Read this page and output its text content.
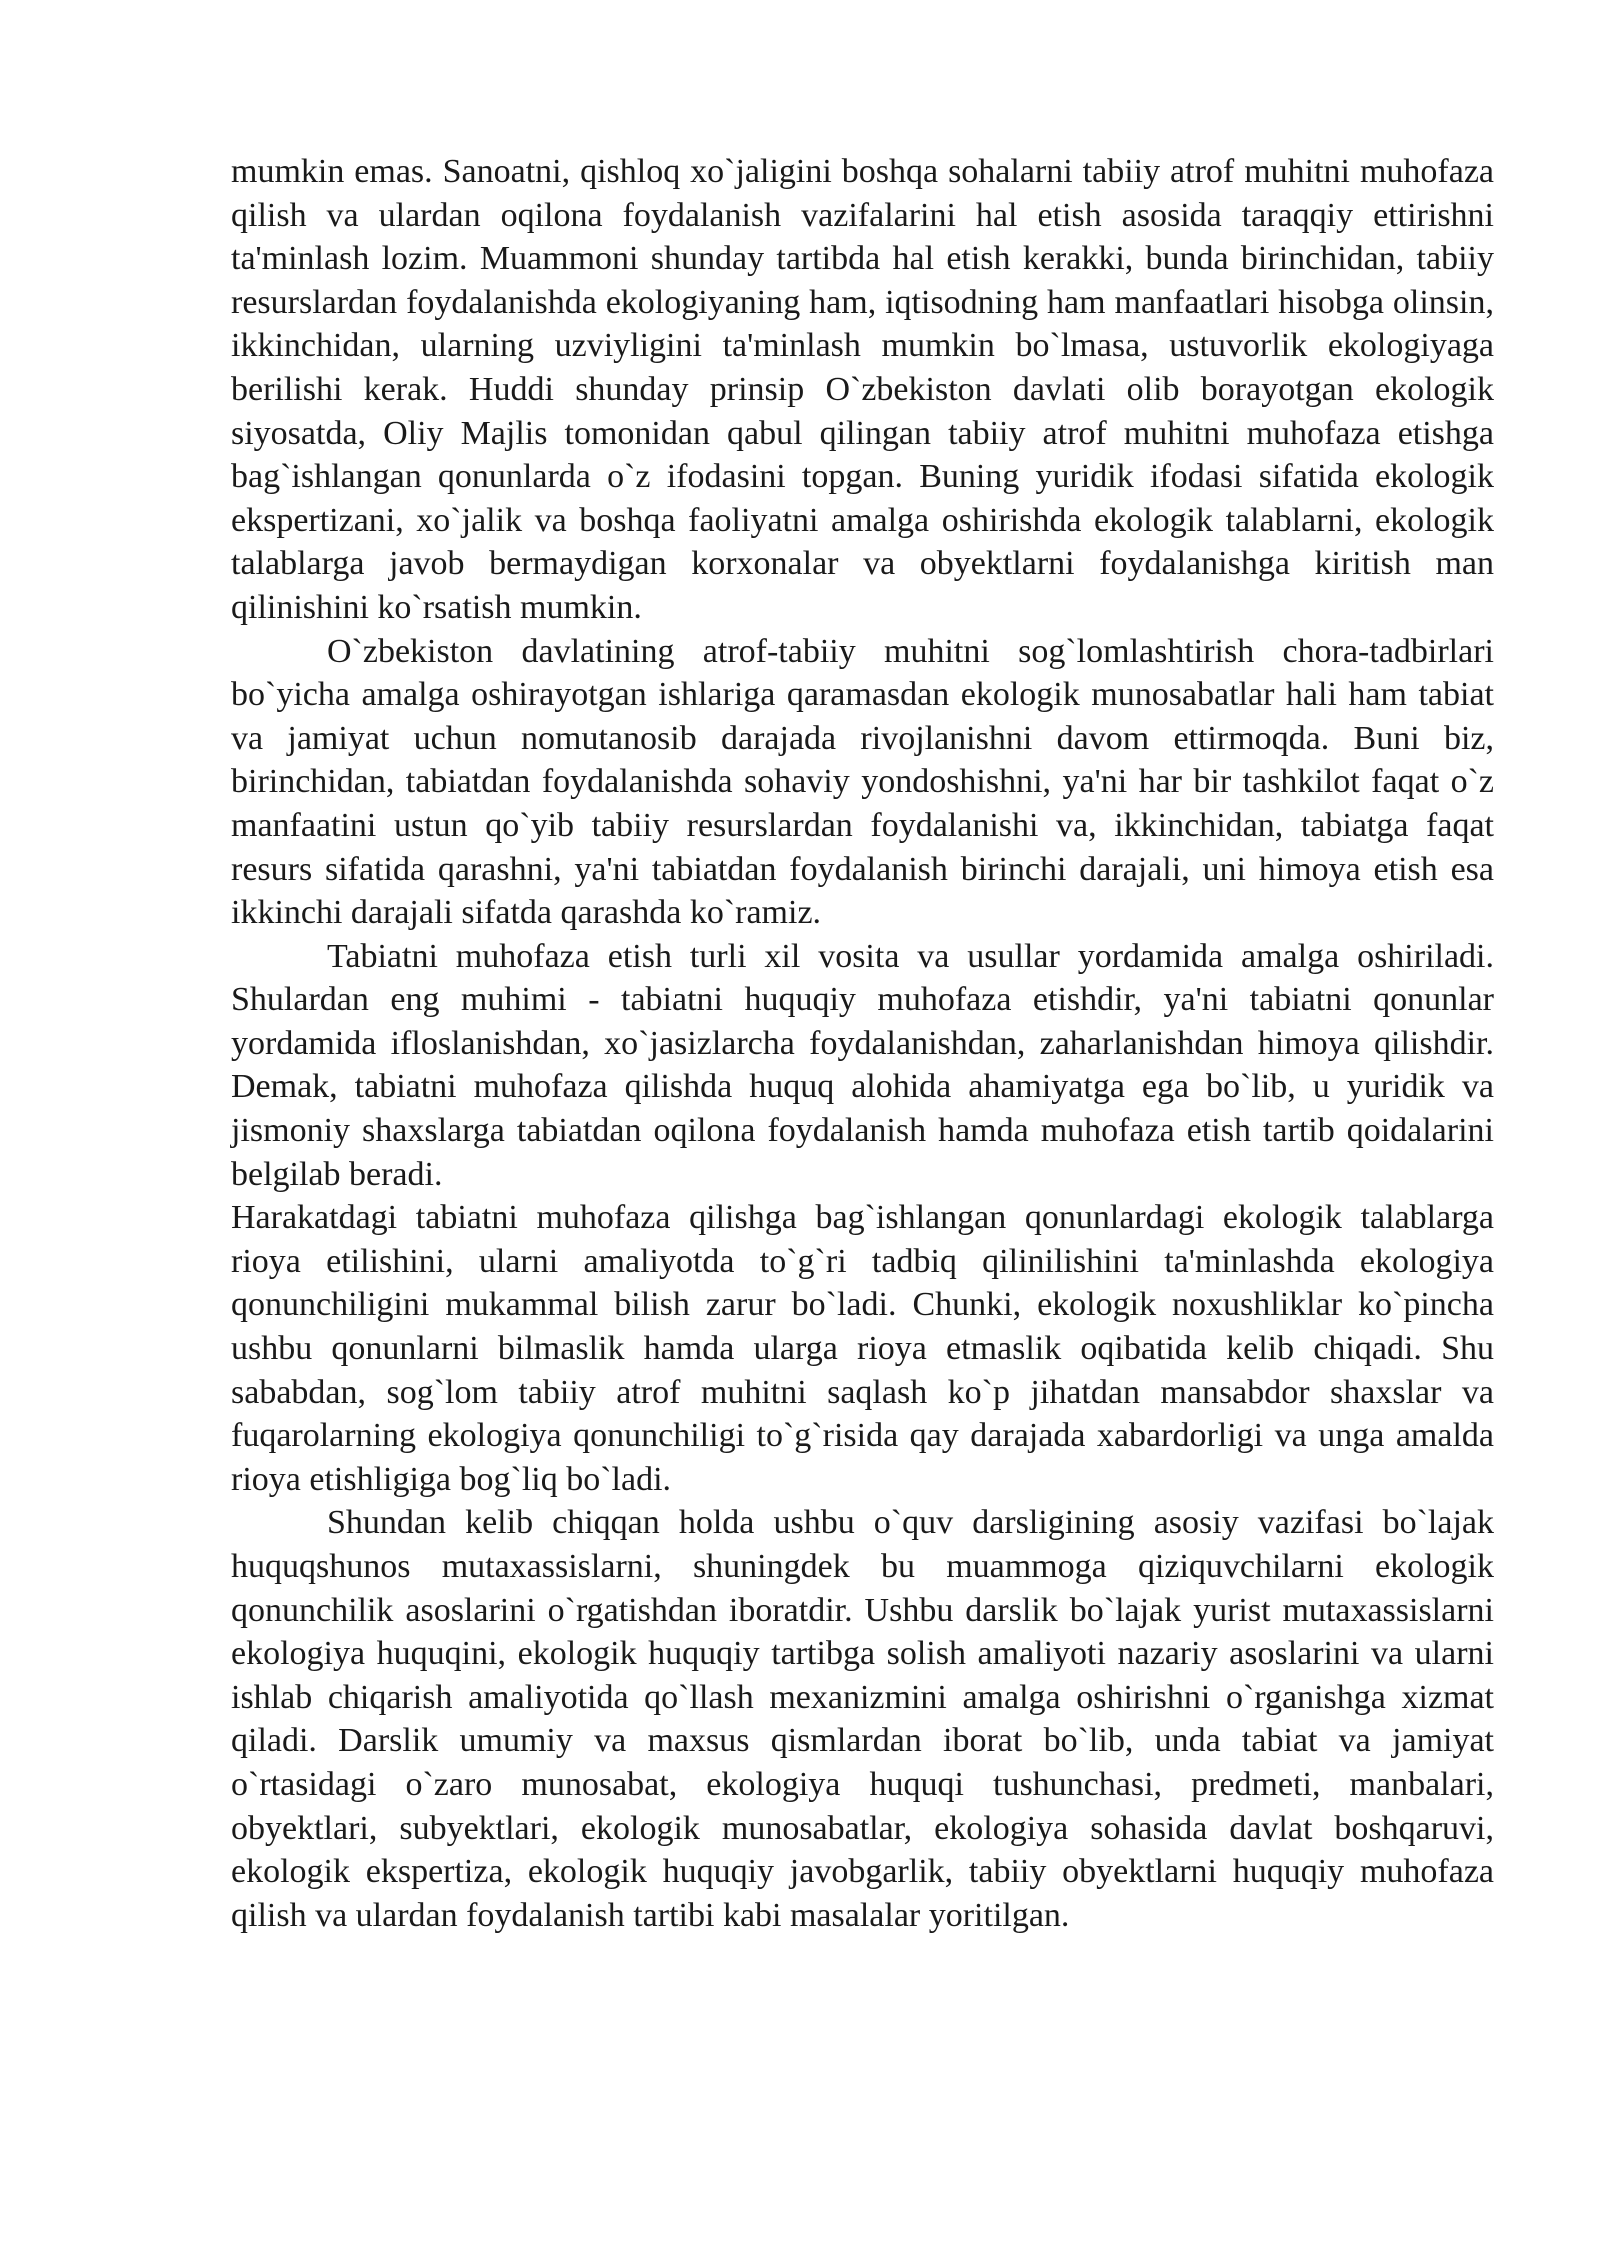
mumkin emas. Sanoatni, qishloq xo`jaligini boshqa sohalarni tabiiy atrof muhitni muhofaza qilish va ulardan oqilona foydalanish vazifalarini hal etish asosida taraqqiy ettirishni ta'minlash lozim. Muammoni shunday tartibda hal etish kerakki, bunda birinchidan, tabiiy resurslardan foydalanishda ekologiyaning ham, iqtisodning ham manfaatlari hisobga olinsin, ikkinchidan, ularning uzviyligini ta'minlash mumkin bo`lmasa, ustuvorlik ekologiyaga berilishi kerak. Huddi shunday prinsip O`zbekiston davlati olib borayotgan ekologik siyosatda, Oliy Majlis tomonidan qabul qilingan tabiiy atrof muhitni muhofaza etishga bag`ishlangan qonunlarda o`z ifodasini topgan. Buning yuridik ifodasi sifatida ekologik ekspertizani, xo`jalik va boshqa faoliyatni amalga oshirishda ekologik talablarni, ekologik talablarga javob bermaydigan korxonalar va obyektlarni foydalanishga kiritish man qilinishini ko`rsatish mumkin.

O`zbekiston davlatining atrof-tabiiy muhitni sog`lomlashtirish chora-tadbirlari bo`yicha amalga oshirayotgan ishlariga qaramasdan ekologik munosabatlar hali ham tabiat va jamiyat uchun nomutanosib darajada rivojlanishni davom ettirmoqda. Buni biz, birinchidan, tabiatdan foydalanishda sohaviy yondoshishni, ya'ni har bir tashkilot faqat o`z manfaatini ustun qo`yib tabiiy resurslardan foydalanishi va, ikkinchidan, tabiatga faqat resurs sifatida qarashni, ya'ni tabiatdan foydalanish birinchi darajali, uni himoya etish esa ikkinchi darajali sifatda qarashda ko`ramiz.

Tabiatni muhofaza etish turli xil vosita va usullar yordamida amalga oshiriladi. Shulardan eng muhimi - tabiatni huquqiy muhofaza etishdir, ya'ni tabiatni qonunlar yordamida ifloslanishdan, xo`jasizlarcha foydalanishdan, zaharlanishdan himoya qilishdir. Demak, tabiatni muhofaza qilishda huquq alohida ahamiyatga ega bo`lib, u yuridik va jismoniy shaxslarga tabiatdan oqilona foydalanish hamda muhofaza etish tartib qoidalarini belgilab beradi.

Harakatdagi tabiatni muhofaza qilishga bag`ishlangan qonunlardagi ekologik talablarga rioya etilishini, ularni amaliyotda to`g`ri tadbiq qilinilishini ta'minlashda ekologiya qonunchiligini mukammal bilish zarur bo`ladi. Chunki, ekologik noxushliklar ko`pincha ushbu qonunlarni bilmaslik hamda ularga rioya etmaslik oqibatida kelib chiqadi. Shu sababdan, sog`lom tabiiy atrof muhitni saqlash ko`p jihatdan mansabdor shaxslar va fuqarolarning ekologiya qonunchiligi to`g`risida qay darajada xabardorligi va unga amalda rioya etishligiga bog`liq bo`ladi.

Shundan kelib chiqqan holda ushbu o`quv darsligining asosiy vazifasi bo`lajak huquqshunos mutaxassislarni, shuningdek bu muammoga qiziquvchilarni ekologik qonunchilik asoslarini o`rgatishdan iboratdir. Ushbu darslik bo`lajak yurist mutaxassislarni ekologiya huquqini, ekologik huquqiy tartibga solish amaliyoti nazariy asoslarini va ularni ishlab chiqarish amaliyotida qo`llash mexanizmini amalga oshirishni o`rganishga xizmat qiladi. Darslik umumiy va maxsus qismlardan iborat bo`lib, unda tabiat va jamiyat o`rtasidagi o`zaro munosabat, ekologiya huquqi tushunchasi, predmeti, manbalari, obyektlari, subyektlari, ekologik munosabatlar, ekologiya sohasida davlat boshqaruvi, ekologik ekspertiza, ekologik huquqiy javobgarlik, tabiiy obyektlarni huquqiy muhofaza qilish va ulardan foydalanish tartibi kabi masalalar yoritilgan.
